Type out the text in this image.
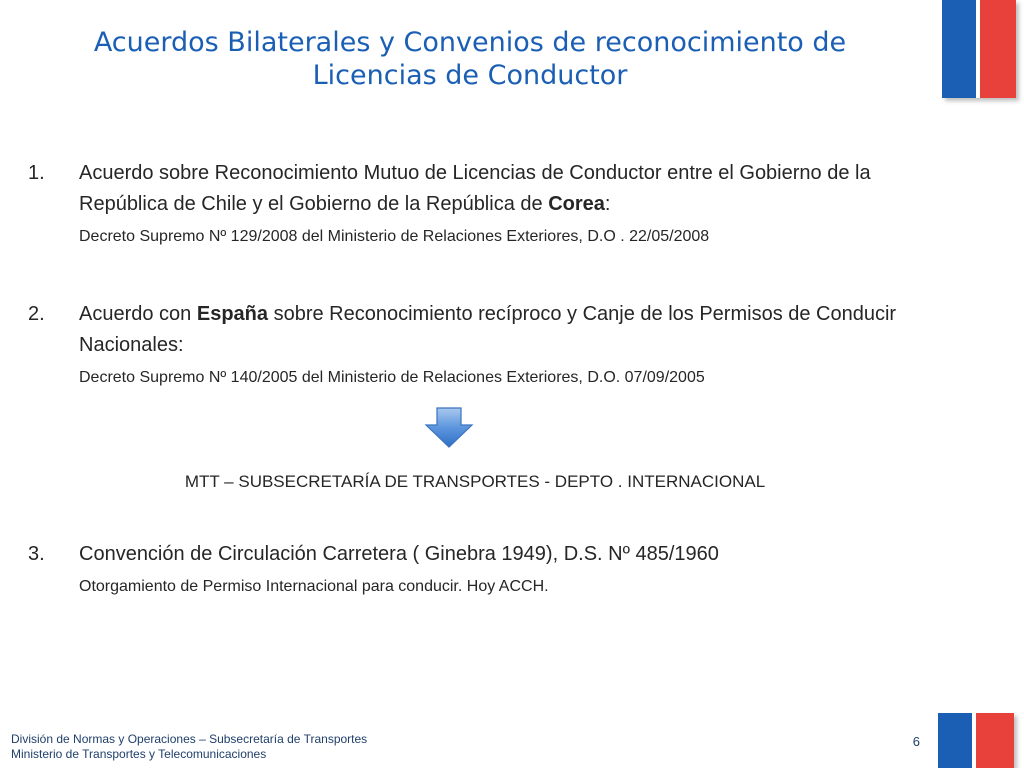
Acuerdos Bilaterales y Convenios de reconocimiento de
Licencias de Conductor
1. Acuerdo sobre Reconocimiento Mutuo de Licencias de Conductor entre el Gobierno de la República de Chile y el Gobierno de la República de Corea:
Decreto Supremo Nº 129/2008 del Ministerio de Relaciones Exteriores, D.O . 22/05/2008
2. Acuerdo con España sobre Reconocimiento recíproco y Canje de los Permisos de Conducir Nacionales:
Decreto Supremo Nº 140/2005 del Ministerio de Relaciones Exteriores, D.O. 07/09/2005
MTT – SUBSECRETARÍA DE TRANSPORTES - DEPTO . INTERNACIONAL
3. Convención de Circulación Carretera ( Ginebra 1949), D.S. Nº 485/1960
Otorgamiento de Permiso Internacional para conducir. Hoy ACCH.
División de Normas y Operaciones – Subsecretaría de Transportes
Ministerio de Transportes y Telecomunicaciones
6
